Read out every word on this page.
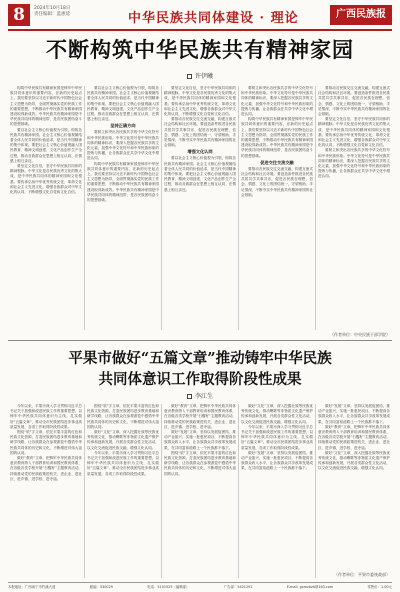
8	2024年10月18日
责任编辑：蓝惠延	中华民族共同体建设 · 理论	广西民族报
不断构筑中华民族共有精神家园
许伊曦

构筑中华民族共有精神家园是铸牢中华民族共同体意识的重要内容，在新的历史起点上，我们要坚持以习近平新时代中国特色社会主义思想为指导，全面贯彻落实党的民族工作的重要思想，不断推动中华民族共有精神家园建设取得新成效。中华民族共有精神家园是中华民族共同体的精神纽带，是各民族团结奋斗的思想基础。

要以社会主义核心价值观为引领，构筑各民族共有精神家园。社会主义核心价值观凝结着全体人民共同的价值追求，是当代中国精神的集中体现。要把社会主义核心价值观融入国民教育、精神文明创建、文化产品创作生产全过程，推动各族群众在思想上相互认同、在情感上相互亲近。

要坚定文化自信，坚守中华民族共同体的精神根脉。中华文化是各民族优秀文化的集大成，是中华民族共同体的精神家园和文化根基。要传承弘扬中华优秀传统文化、革命文化和社会主义先进文化，增强各族群众对中华文化的认同，不断增强文化自觉和文化自信。

要以社会主义核心价值观为引领，构筑各民族共有精神家园。社会主义核心价值观凝结着全体人民共同的价值追求，是当代中国精神的集中体现。要把社会主义核心价值观融入国民教育、精神文明创建、文化产品创作生产全过程，推动各族群众在思想上相互认同、在情感上相互亲近。

坚持正确方向

要树立和突出各民族共享的中华文化符号和中华民族形象。中华文化符号是中华民族共同体的精神标识，要深入挖掘各民族共享的文化元素，加强中华文化符号和中华民族形象的提炼与传播，让各族群众在共享中华文化中增进认同。

构筑中华民族共有精神家园是铸牢中华民族共同体意识的重要内容，在新的历史起点上，我们要坚持以习近平新时代中国特色社会主义思想为指导，全面贯彻落实党的民族工作的重要思想，不断推动中华民族共有精神家园建设取得新成效。中华民族共有精神家园是中华民族共同体的精神纽带，是各民族团结奋斗的思想基础。

要坚定文化自信，坚守中华民族共同体的精神根脉。中华文化是各民族优秀文化的集大成，是中华民族共同体的精神家园和文化根基。要传承弘扬中华优秀传统文化、革命文化和社会主义先进文化，增强各族群众对中华文化的认同，不断增强文化自觉和文化自信。

要推动各民族交往交流交融，构建互嵌式社会结构和社区环境。要创造条件推进各民族共居共学共事共乐，促进各民族在理想、信念、情感、文化上的团结统一，守望相助、手足情深，不断夯实中华民族共有精神家园的社会基础。

增强文化认同

要以社会主义核心价值观为引领，构筑各民族共有精神家园。社会主义核心价值观凝结着全体人民共同的价值追求，是当代中国精神的集中体现。要把社会主义核心价值观融入国民教育、精神文明创建、文化产品创作生产全过程，推动各族群众在思想上相互认同、在情感上相互亲近。

要树立和突出各民族共享的中华文化符号和中华民族形象。中华文化符号是中华民族共同体的精神标识，要深入挖掘各民族共享的文化元素，加强中华文化符号和中华民族形象的提炼与传播，让各族群众在共享中华文化中增进认同。

构筑中华民族共有精神家园是铸牢中华民族共同体意识的重要内容，在新的历史起点上，我们要坚持以习近平新时代中国特色社会主义思想为指导，全面贯彻落实党的民族工作的重要思想，不断推动中华民族共有精神家园建设取得新成效。中华民族共有精神家园是中华民族共同体的精神纽带，是各民族团结奋斗的思想基础。

促进交往交流交融

要推动各民族交往交流交融，构建互嵌式社会结构和社区环境。要创造条件推进各民族共居共学共事共乐，促进各民族在理想、信念、情感、文化上的团结统一，守望相助、手足情深，不断夯实中华民族共有精神家园的社会基础。

要推动各民族交往交流交融，构建互嵌式社会结构和社区环境。要创造条件推进各民族共居共学共事共乐，促进各民族在理想、信念、情感、文化上的团结统一，守望相助、手足情深，不断夯实中华民族共有精神家园的社会基础。

要坚定文化自信，坚守中华民族共同体的精神根脉。中华文化是各民族优秀文化的集大成，是中华民族共同体的精神家园和文化根基。要传承弘扬中华优秀传统文化、革命文化和社会主义先进文化，增强各族群众对中华文化的认同，不断增强文化自觉和文化自信。

要树立和突出各民族共享的中华文化符号和中华民族形象。中华文化符号是中华民族共同体的精神标识，要深入挖掘各民族共享的文化元素，加强中华文化符号和中华民族形象的提炼与传播，让各族群众在共享中华文化中增进认同。

（作者单位：中央民族干部学院）
平果市做好“五篇文章”推动铸牢中华民族
共同体意识工作取得阶段性成果
李江生

今年以来，平果市深入学习贯彻习近平总书记关于加强和改进民族工作的重要思想，以铸牢中华民族共同体意识为主线，扎实做好“五篇文章”，推动全市民族团结进步事业高质量发展，各项工作取得阶段性成果。

围绕“旅”字文章，依托平果丰富的红色和民族文化资源，打造民族团结进步教育基地和研学线路，让各族群众在参观游览中感悟中华民族共同体的历史和文化，不断增进对伟大祖国的认同。

做好“教育”文章，把铸牢中华民族共同体意识教育纳入干部教育培训和国民教育体系，在各级各类学校开展“石榴籽”主题教育活动，持续推动党的民族政策进机关、进企业、进社区、进乡镇、进学校、进寺庙。

围绕“旅”字文章，依托平果丰富的红色和民族文化资源，打造民族团结进步教育基地和研学线路，让各族群众在参观游览中感悟中华民族共同体的历史和文化，不断增进对伟大祖国的认同。

做好“文化”文章，深入挖掘壮族等民族优秀传统文化，推动嘹歌等非物质文化遗产保护传承和创新发展，开展各类群众性文化活动，以文化交流促进民族交融，增强文化认同。

今年以来，平果市深入学习贯彻习近平总书记关于加强和改进民族工作的重要思想，以铸牢中华民族共同体意识为主线，扎实做好“五篇文章”，推动全市民族团结进步事业高质量发展，各项工作取得阶段性成果。

做好“教育”文章，把铸牢中华民族共同体意识教育纳入干部教育培训和国民教育体系，在各级各类学校开展“石榴籽”主题教育活动，持续推动党的民族政策进机关、进企业、进社区、进乡镇、进学校、进寺庙。

做好“发展”文章，坚持以发展促团结，推动产业振兴，实施一批惠民项目，不断提高各族群众收入水平，让各族群众共享改革发展成果，在共同富裕道路上一个民族都不落下。

围绕“旅”字文章，依托平果丰富的红色和民族文化资源，打造民族团结进步教育基地和研学线路，让各族群众在参观游览中感悟中华民族共同体的历史和文化，不断增进对伟大祖国的认同。

做好“文化”文章，深入挖掘壮族等民族优秀传统文化，推动嘹歌等非物质文化遗产保护传承和创新发展，开展各类群众性文化活动，以文化交流促进民族交融，增强文化认同。

今年以来，平果市深入学习贯彻习近平总书记关于加强和改进民族工作的重要思想，以铸牢中华民族共同体意识为主线，扎实做好“五篇文章”，推动全市民族团结进步事业高质量发展，各项工作取得阶段性成果。

做好“发展”文章，坚持以发展促团结，推动产业振兴，实施一批惠民项目，不断提高各族群众收入水平，让各族群众共享改革发展成果，在共同富裕道路上一个民族都不落下。

做好“发展”文章，坚持以发展促团结，推动产业振兴，实施一批惠民项目，不断提高各族群众收入水平，让各族群众共享改革发展成果，在共同富裕道路上一个民族都不落下。

做好“教育”文章，把铸牢中华民族共同体意识教育纳入干部教育培训和国民教育体系，在各级各类学校开展“石榴籽”主题教育活动，持续推动党的民族政策进机关、进企业、进社区、进乡镇、进学校、进寺庙。

做好“文化”文章，深入挖掘壮族等民族优秀传统文化，推动嘹歌等非物质文化遗产保护传承和创新发展，开展各类群众性文化活动，以文化交流促进民族交融，增强文化认同。

（作者单位：平果市委统战部）
本报地址：广西南宁市竹溪大道	邮编：530029	电话：5101525（编辑部）	广告部：5421291	E-mail: gxmzbzb@163.com	零售价：1.00元
